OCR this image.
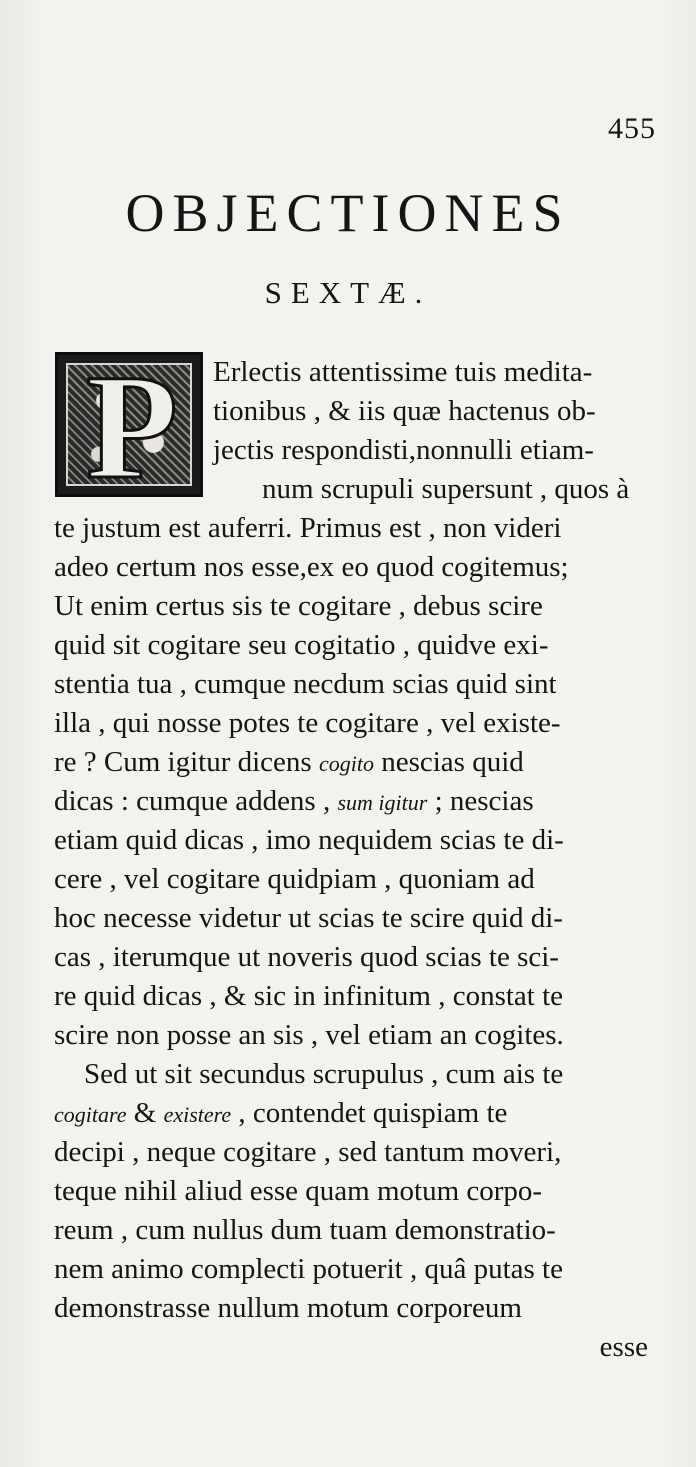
455
OBJECTIONES
SEXTÆ.
P	Erlectis attentissime tuis medita-
tionibus , & iis quæ hactenus ob-
jectis respondisti,nonnulli etiam-
num scrupuli supersunt , quos à
te justum est auferri. Primus est , non videri
adeo certum nos esse,ex eo quod cogitemus;
Ut enim certus sis te cogitare , debus scire
quid sit cogitare seu cogitatio , quidve exi-
stentia tua , cumque necdum scias quid sint
illa , qui nosse potes te cogitare , vel existe-
re ? Cum igitur dicens cogito nescias quid
dicas : cumque addens , sum igitur ; nescias
etiam quid dicas , imo nequidem scias te di-
cere , vel cogitare quidpiam , quoniam ad
hoc necesse videtur ut scias te scire quid di-
cas , iterumque ut noveris quod scias te sci-
re quid dicas , & sic in infinitum , constat te
scire non posse an sis , vel etiam an cogites.
Sed ut sit secundus scrupulus , cum ais te
cogitare & existere , contendet quispiam te
decipi , neque cogitare , sed tantum moveri,
teque nihil aliud esse quam motum corpo-
reum , cum nullus dum tuam demonstratio-
nem animo complecti potuerit , quâ putas te
demonstrasse nullum motum corporeum
esse
